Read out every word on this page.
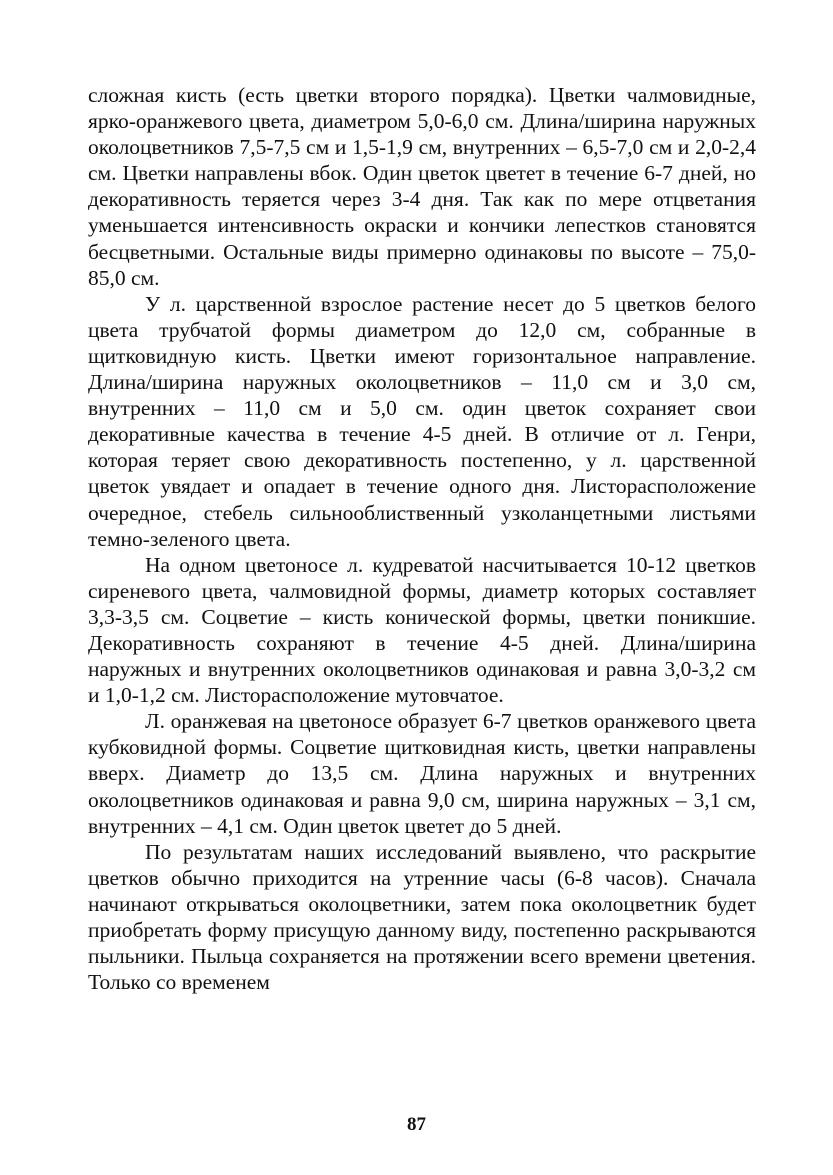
сложная кисть (есть цветки второго порядка). Цветки чалмовидные, ярко-оранжевого цвета, диаметром 5,0-6,0 см. Длина/ширина наружных околоцветников 7,5-7,5 см и 1,5-1,9 см, внутренних – 6,5-7,0 см и 2,0-2,4 см. Цветки направлены вбок. Один цветок цветет в течение 6-7 дней, но декоративность теряется через 3-4 дня. Так как по мере отцветания уменьшается интенсивность окраски и кончики лепестков становятся бесцветными. Остальные виды примерно одинаковы по высоте – 75,0-85,0 см.

У л. царственной взрослое растение несет до 5 цветков белого цвета трубчатой формы диаметром до 12,0 см, собранные в щитковидную кисть. Цветки имеют горизонтальное направление. Длина/ширина наружных околоцветников – 11,0 см и 3,0 см, внутренних – 11,0 см и 5,0 см. один цветок сохраняет свои декоративные качества в течение 4-5 дней. В отличие от л. Генри, которая теряет свою декоративность постепенно, у л. царственной цветок увядает и опадает в течение одного дня. Листорасположение очередное, стебель сильнооблиственный узколанцетными листьями темно-зеленого цвета.

На одном цветоносе л. кудреватой насчитывается 10-12 цветков сиреневого цвета, чалмовидной формы, диаметр которых составляет 3,3-3,5 см. Соцветие – кисть конической формы, цветки поникшие. Декоративность сохраняют в течение 4-5 дней. Длина/ширина наружных и внутренних околоцветников одинаковая и равна 3,0-3,2 см и 1,0-1,2 см. Листорасположение мутовчатое.

Л. оранжевая на цветоносе образует 6-7 цветков оранжевого цвета кубковидной формы. Соцветие щитковидная кисть, цветки направлены вверх. Диаметр до 13,5 см. Длина наружных и внутренних околоцветников одинаковая и равна 9,0 см, ширина наружных – 3,1 см, внутренних – 4,1 см. Один цветок цветет до 5 дней.

По результатам наших исследований выявлено, что раскрытие цветков обычно приходится на утренние часы (6-8 часов). Сначала начинают открываться околоцветники, затем пока околоцветник будет приобретать форму присущую данному виду, постепенно раскрываются пыльники. Пыльца сохраняется на протяжении всего времени цветения. Только со временем

87
